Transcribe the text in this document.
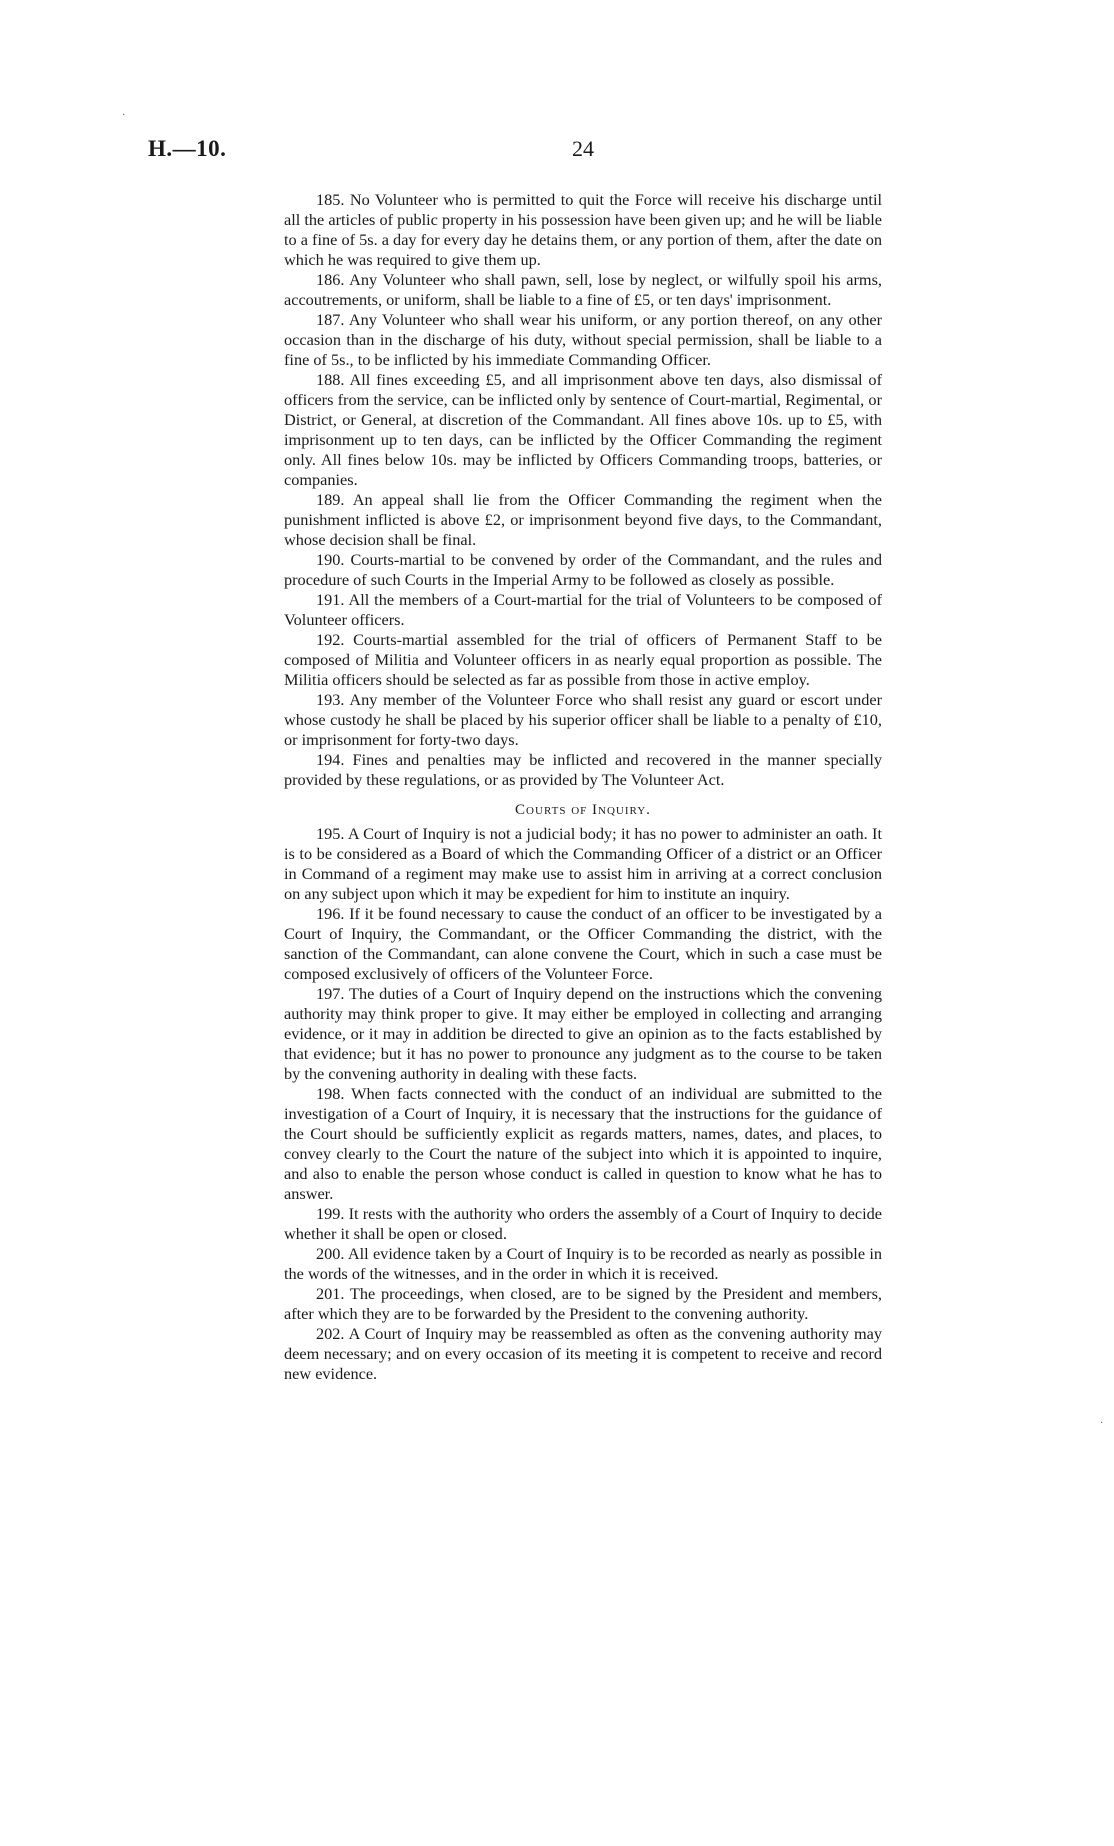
H.—10.	24
·
·

185. No Volunteer who is permitted to quit the Force will receive his discharge until all the articles of public property in his possession have been given up; and he will be liable to a fine of 5s. a day for every day he detains them, or any portion of them, after the date on which he was required to give them up.

186. Any Volunteer who shall pawn, sell, lose by neglect, or wilfully spoil his arms, accoutrements, or uniform, shall be liable to a fine of £5, or ten days' imprisonment.

187. Any Volunteer who shall wear his uniform, or any portion thereof, on any other occasion than in the discharge of his duty, without special permission, shall be liable to a fine of 5s., to be inflicted by his immediate Commanding Officer.

188. All fines exceeding £5, and all imprisonment above ten days, also dismissal of officers from the service, can be inflicted only by sentence of Court-martial, Regimental, or District, or General, at discretion of the Commandant. All fines above 10s. up to £5, with imprisonment up to ten days, can be inflicted by the Officer Commanding the regiment only. All fines below 10s. may be inflicted by Officers Commanding troops, batteries, or companies.

189. An appeal shall lie from the Officer Commanding the regiment when the punishment inflicted is above £2, or imprisonment beyond five days, to the Commandant, whose decision shall be final.

190. Courts-martial to be convened by order of the Commandant, and the rules and procedure of such Courts in the Imperial Army to be followed as closely as possible.

191. All the members of a Court-martial for the trial of Volunteers to be composed of Volunteer officers.

192. Courts-martial assembled for the trial of officers of Permanent Staff to be composed of Militia and Volunteer officers in as nearly equal proportion as possible. The Militia officers should be selected as far as possible from those in active employ.

193. Any member of the Volunteer Force who shall resist any guard or escort under whose custody he shall be placed by his superior officer shall be liable to a penalty of £10, or imprisonment for forty-two days.

194. Fines and penalties may be inflicted and recovered in the manner specially provided by these regulations, or as provided by The Volunteer Act.

Courts of Inquiry.

195. A Court of Inquiry is not a judicial body; it has no power to administer an oath. It is to be considered as a Board of which the Commanding Officer of a district or an Officer in Command of a regiment may make use to assist him in arriving at a correct conclusion on any subject upon which it may be expedient for him to institute an inquiry.

196. If it be found necessary to cause the conduct of an officer to be investigated by a Court of Inquiry, the Commandant, or the Officer Commanding the district, with the sanction of the Commandant, can alone convene the Court, which in such a case must be composed exclusively of officers of the Volunteer Force.

197. The duties of a Court of Inquiry depend on the instructions which the convening authority may think proper to give. It may either be employed in collecting and arranging evidence, or it may in addition be directed to give an opinion as to the facts established by that evidence; but it has no power to pronounce any judgment as to the course to be taken by the convening authority in dealing with these facts.

198. When facts connected with the conduct of an individual are submitted to the investigation of a Court of Inquiry, it is necessary that the instructions for the guidance of the Court should be sufficiently explicit as regards matters, names, dates, and places, to convey clearly to the Court the nature of the subject into which it is appointed to inquire, and also to enable the person whose conduct is called in question to know what he has to answer.

199. It rests with the authority who orders the assembly of a Court of Inquiry to decide whether it shall be open or closed.

200. All evidence taken by a Court of Inquiry is to be recorded as nearly as possible in the words of the witnesses, and in the order in which it is received.

201. The proceedings, when closed, are to be signed by the President and members, after which they are to be forwarded by the President to the convening authority.

202. A Court of Inquiry may be reassembled as often as the convening authority may deem necessary; and on every occasion of its meeting it is competent to receive and record new evidence.
